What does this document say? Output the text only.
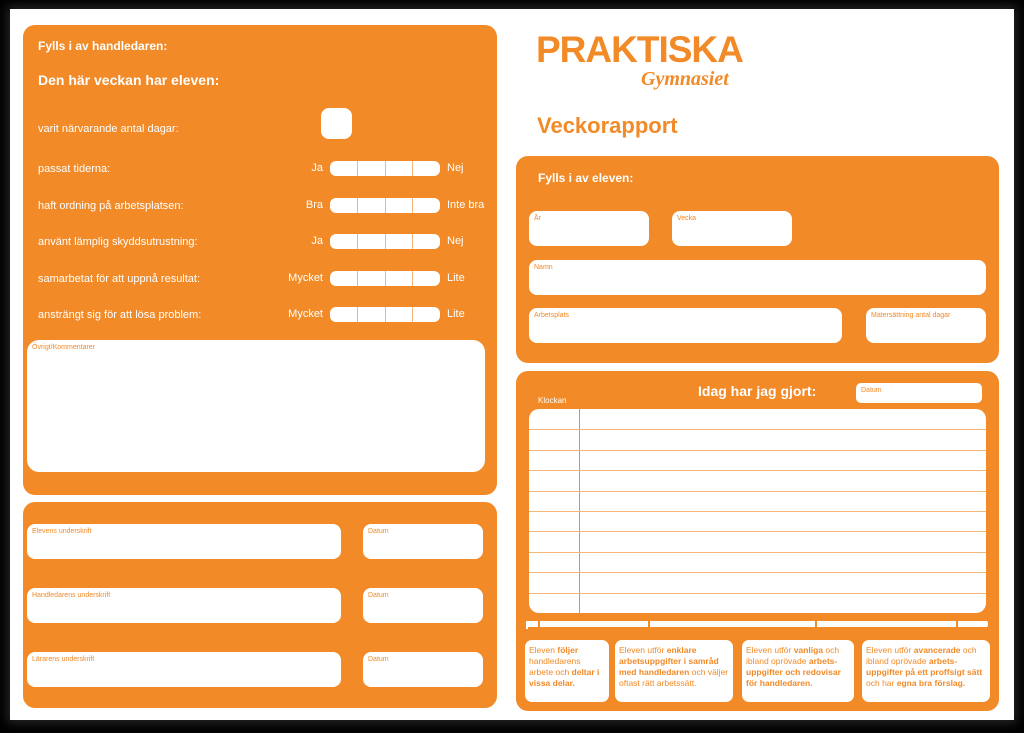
Fylls i av handledaren:
Den här veckan har eleven:
varit närvarande antal dagar:
passat tiderna:	Ja	Nej
haft ordning på arbetsplatsen:	Bra	Inte bra
använt lämplig skyddsutrustning:	Ja	Nej
samarbetat för att uppnå resultat:	Mycket	Lite
ansträngt sig för att lösa problem:	Mycket	Lite
Övrigt/Kommentarer
Elevens underskrift	Datum
Handledarens underskrift	Datum
Lärarens underskrift	Datum
PRAKTISKA
Gymnasiet
Veckorapport
Fylls i av eleven:
År	Vecka
Namn
Arbetsplats	Matersättning antal dagar
Idag har jag gjort:	Datum
Klockan
Eleven följer handledarens arbete och deltar i vissa delar.
Eleven utför enklare arbetsuppgifter i samråd med handledaren och väljer oftast rätt arbetssätt.
Eleven utför vanliga och ibland oprövade arbets-uppgifter och redovisar för handledaren.
Eleven utför avancerade och ibland oprövade arbets-uppgifter på ett proffsigt sätt och har egna bra förslag.
